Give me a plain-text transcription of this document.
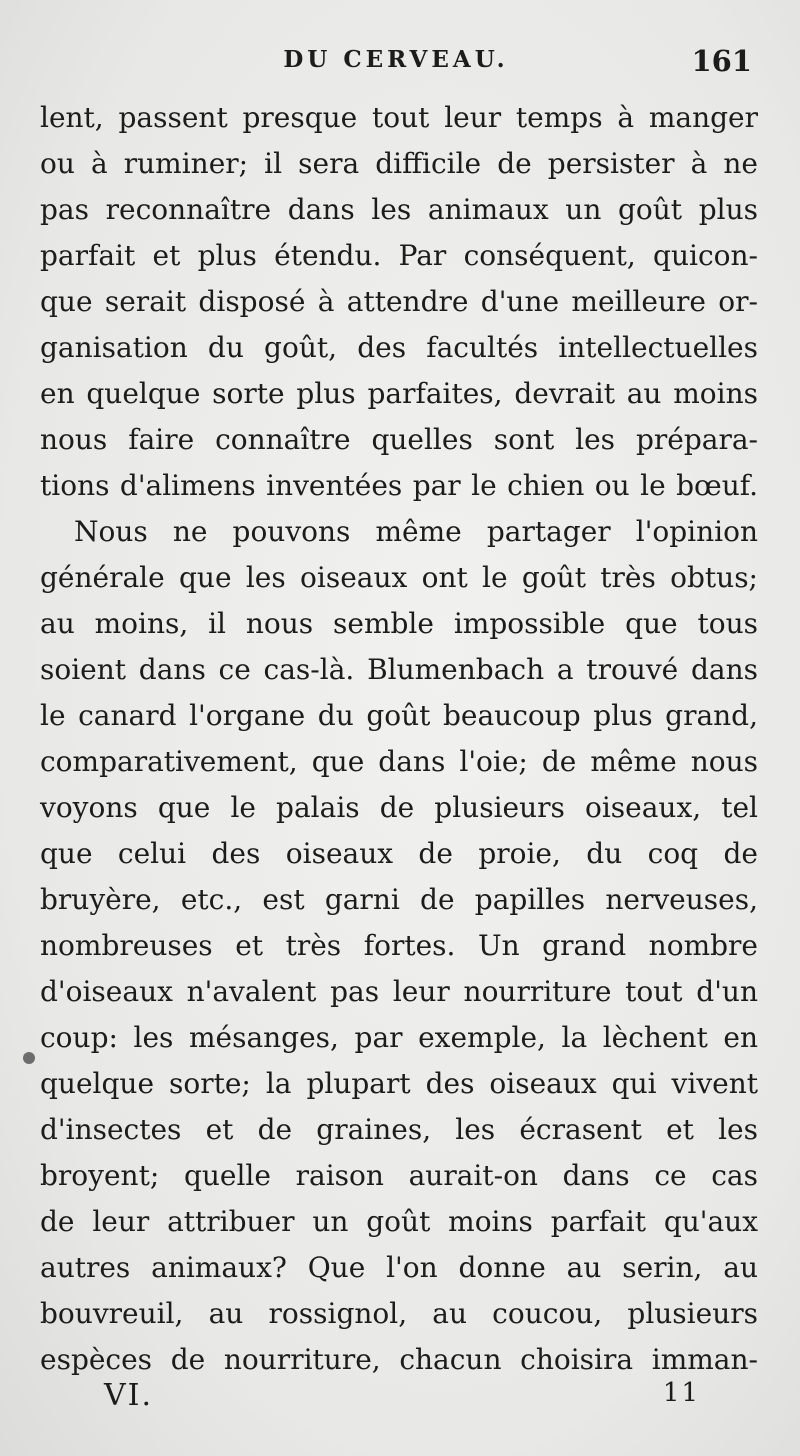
DU CERVEAU.	161
lent, passent presque tout leur temps à manger
ou à ruminer; il sera difficile de persister à ne
pas reconnaître dans les animaux un goût plus
parfait et plus étendu. Par conséquent, quicon-
que serait disposé à attendre d'une meilleure or-
ganisation du goût, des facultés intellectuelles
en quelque sorte plus parfaites, devrait au moins
nous faire connaître quelles sont les prépara-
tions d'alimens inventées par le chien ou le bœuf.
Nous ne pouvons même partager l'opinion
générale que les oiseaux ont le goût très obtus;
au moins, il nous semble impossible que tous
soient dans ce cas-là. Blumenbach a trouvé dans
le canard l'organe du goût beaucoup plus grand,
comparativement, que dans l'oie; de même nous
voyons que le palais de plusieurs oiseaux, tel
que celui des oiseaux de proie, du coq de
bruyère, etc., est garni de papilles nerveuses,
nombreuses et très fortes. Un grand nombre
d'oiseaux n'avalent pas leur nourriture tout d'un
coup: les mésanges, par exemple, la lèchent en
quelque sorte; la plupart des oiseaux qui vivent
d'insectes et de graines, les écrasent et les
broyent; quelle raison aurait-on dans ce cas
de leur attribuer un goût moins parfait qu'aux
autres animaux? Que l'on donne au serin, au
bouvreuil, au rossignol, au coucou, plusieurs
espèces de nourriture, chacun choisira imman-
VI.	11
